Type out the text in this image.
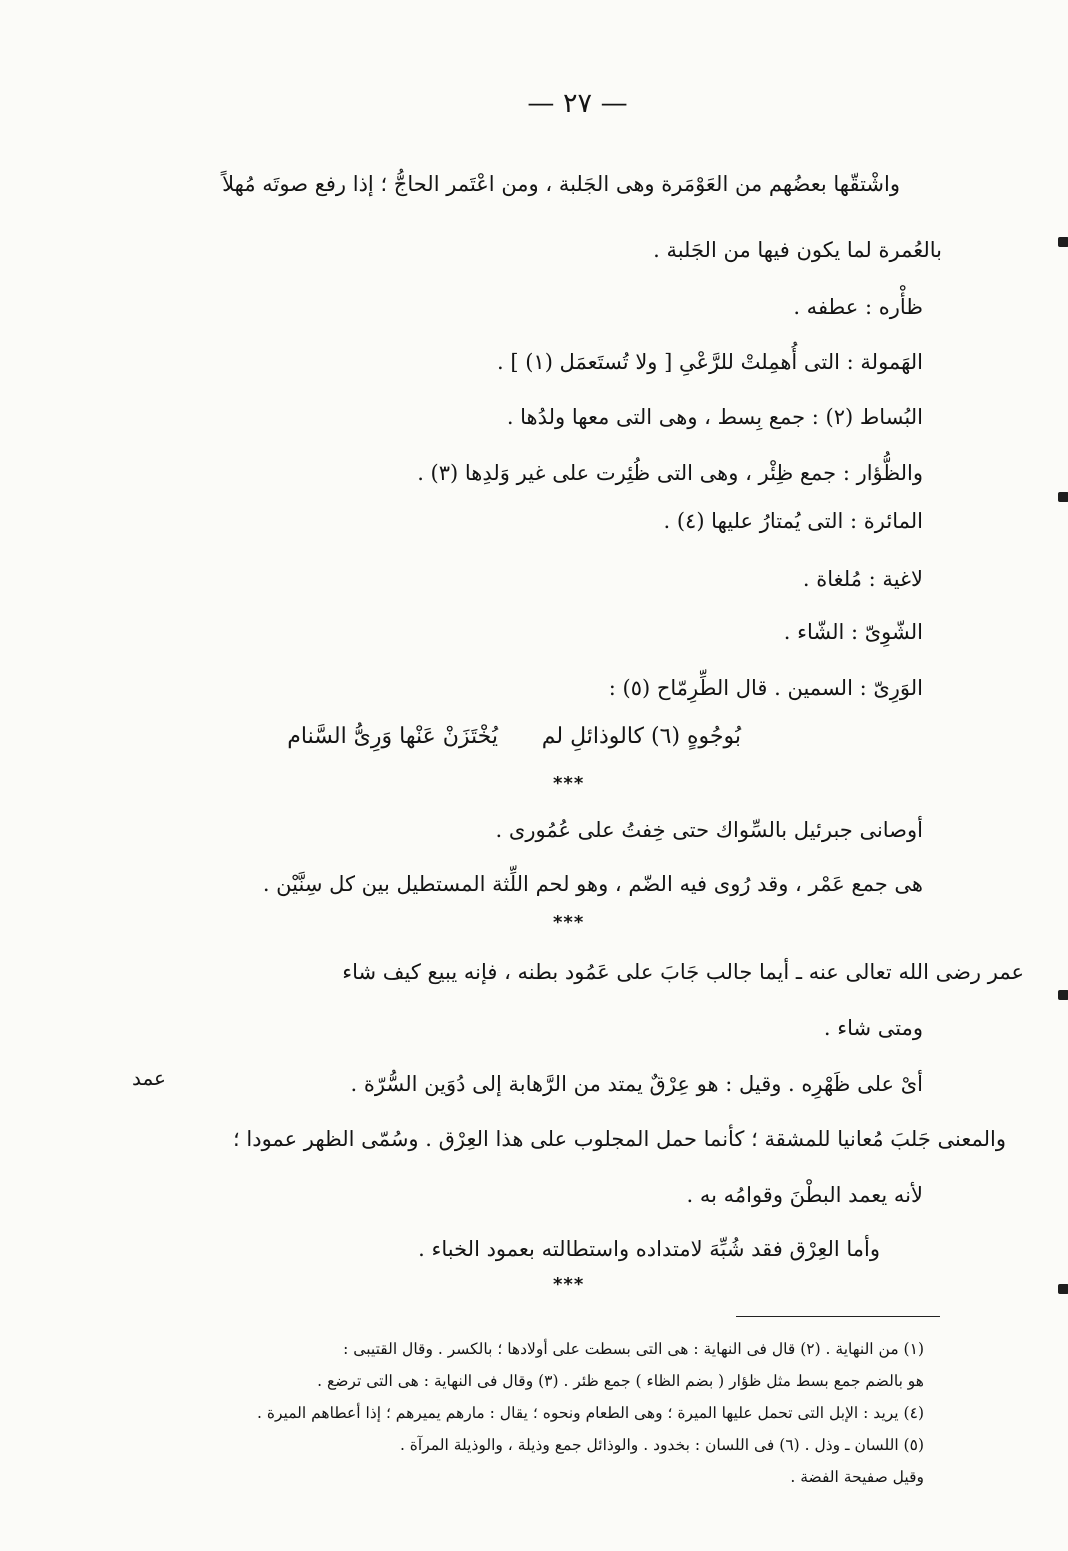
— ٢٧ —
واشْتقّها بعضُهم من العَوْمَرة وهى الجَلبة ، ومن اعْتَمر الحاجُّ ؛ إذا رفع صوتَه مُهلاً
بالعُمرة لما يكون فيها من الجَلبة .
ظأْره : عطفه .
الهَمولة : التى أُهمِلتْ للرَّعْىِ [ ولا تُستَعمَل (١) ] .
البُساط (٢) : جمع بِسط ، وهى التى معها ولدُها .
والظُّؤار : جمع ظِئْر ، وهى التى ظُئِرت على غير وَلدِها (٣) .
المائرة : التى يُمتارُ عليها (٤) .
لاغية : مُلغاة .
الشّوِىّ : الشّاء .
الوَرِىّ : السمين . قال الطِّرِمّاح (٥) :
بُوجُوهٍ (٦) كالوذائلِ لم
يُخْتَزَنْ عَنْها وَرِىُّ السَّنام
***
أوصانى جبرئيل بالسِّواك حتى خِفتُ على عُمُورى .
هى جمع عَمْر ، وقد رُوى فيه الضّم ، وهو لحم اللِّثة المستطيل بين كل سِنَّيْن .
***
عمر رضى الله تعالى عنه ـ أيما جالب جَابَ على عَمُود بطنه ، فإنه يبيع كيف شاء
ومتى شاء .
عمد	أىْ على ظَهْرِه . وقيل : هو عِرْقٌ يمتد من الرَّهابة إلى دُوَين السُّرّة .
والمعنى جَلبَ مُعانيا للمشقة ؛ كأنما حمل المجلوب على هذا العِرْق . وسُمّى الظهر عمودا ؛
لأنه يعمد البطْنَ وقوامُه به .
وأما العِرْق فقد شُبِّهَ لامتداده واستطالته بعمود الخباء .
***
(١) من النهاية . (٢) قال فى النهاية : هى التى بسطت على أولادها ؛ بالكسر . وقال القتيبى :
هو بالضم جمع بسط مثل ظؤار ( بضم الظاء ) جمع ظئر . (٣) وقال فى النهاية : هى التى ترضع .
(٤) يريد : الإبل التى تحمل عليها الميرة ؛ وهى الطعام ونحوه ؛ يقال : مارهم يميرهم ؛ إذا أعطاهم الميرة .
(٥) اللسان ـ وذل . (٦) فى اللسان : بخدود . والوذائل جمع وذيلة ، والوذيلة المرآة .
وقيل صفيحة الفضة .
